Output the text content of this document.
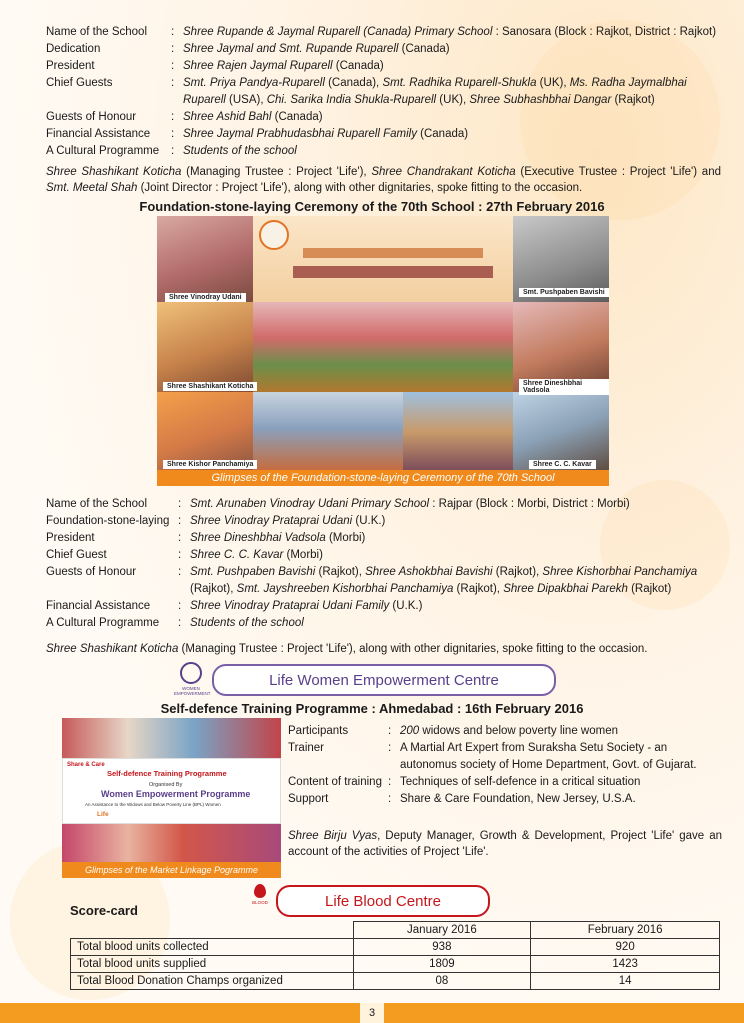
Name of the School	: Shree Rupande & Jaymal Ruparell (Canada) Primary School : Sanosara (Block : Rajkot, District : Rajkot)
Dedication	: Shree Jaymal and Smt. Rupande Ruparell (Canada)
President	: Shree Rajen Jaymal Ruparell (Canada)
Chief Guests	: Smt. Priya Pandya-Ruparell (Canada), Smt. Radhika Ruparell-Shukla (UK), Ms. Radha Jaymalbhai Ruparell (USA), Chi. Sarika India Shukla-Ruparell (UK), Shree Subhashbhai Dangar (Rajkot)
Guests of Honour	: Shree Ashid Bahl (Canada)
Financial Assistance	: Shree Jaymal Prabhudasbhai Ruparell Family (Canada)
A Cultural Programme	: Students of the school
Shree Shashikant Koticha (Managing Trustee : Project 'Life'), Shree Chandrakant Koticha (Executive Trustee : Project 'Life') and Smt. Meetal Shah (Joint Director : Project 'Life'), along with other dignitaries, spoke fitting to the occasion.
Foundation-stone-laying Ceremony of the 70th School : 27th February 2016
Shree Vinodray Udani
Smt. Pushpaben Bavishi
Shree Shashikant Koticha	Shree Dineshbhai Vadsola
Shree Kishor Panchamiya	Shree C. C. Kavar
Glimpses of the Foundation-stone-laying Ceremony of the 70th School
Name of the School	: Smt. Arunaben Vinodray Udani Primary School : Rajpar (Block : Morbi, District : Morbi)
Foundation-stone-laying : Shree Vinodray Prataprai Udani (U.K.)
President	: Shree Dineshbhai Vadsola (Morbi)
Chief Guest	: Shree C. C. Kavar (Morbi)
Guests of Honour	: Smt. Pushpaben Bavishi (Rajkot), Shree Ashokbhai Bavishi (Rajkot), Shree Kishorbhai Panchamiya (Rajkot), Smt. Jayshreeben Kishorbhai Panchamiya (Rajkot), Shree Dipakbhai Parekh (Rajkot)
Financial Assistance	: Shree Vinodray Prataprai Udani Family (U.K.)
A Cultural Programme	: Students of the school
Shree Shashikant Koticha (Managing Trustee : Project 'Life'), along with other dignitaries, spoke fitting to the occasion.
WOMEN EMPOWERMENT
Life Women Empowerment Centre
Self-defence Training Programme : Ahmedabad : 16th February 2016
Share & Care
Self-defence Training Programme
Organised By
Women Empowerment Programme
An Assistance to the Widows and Below Poverty Line (BPL) Women
Life
Glimpses of the Market Linkage Pogramme
Participants	: 200 widows and below poverty line women
Trainer	: A Martial Art Expert from Suraksha Setu Society - an autonomus society of Home Department, Govt. of Gujarat.
Content of training : Techniques of self-defence in a critical situation
Support	: Share & Care Foundation, New Jersey, U.S.A.
Shree Birju Vyas, Deputy Manager, Growth & Development, Project 'Life' gave an account of the activities of Project 'Life'.
BLOOD	Life Blood Centre
Score-card
	January 2016	February 2016
Total blood units collected	938	920
Total blood units supplied	1809	1423
Total Blood Donation Champs organized	08	14
3
